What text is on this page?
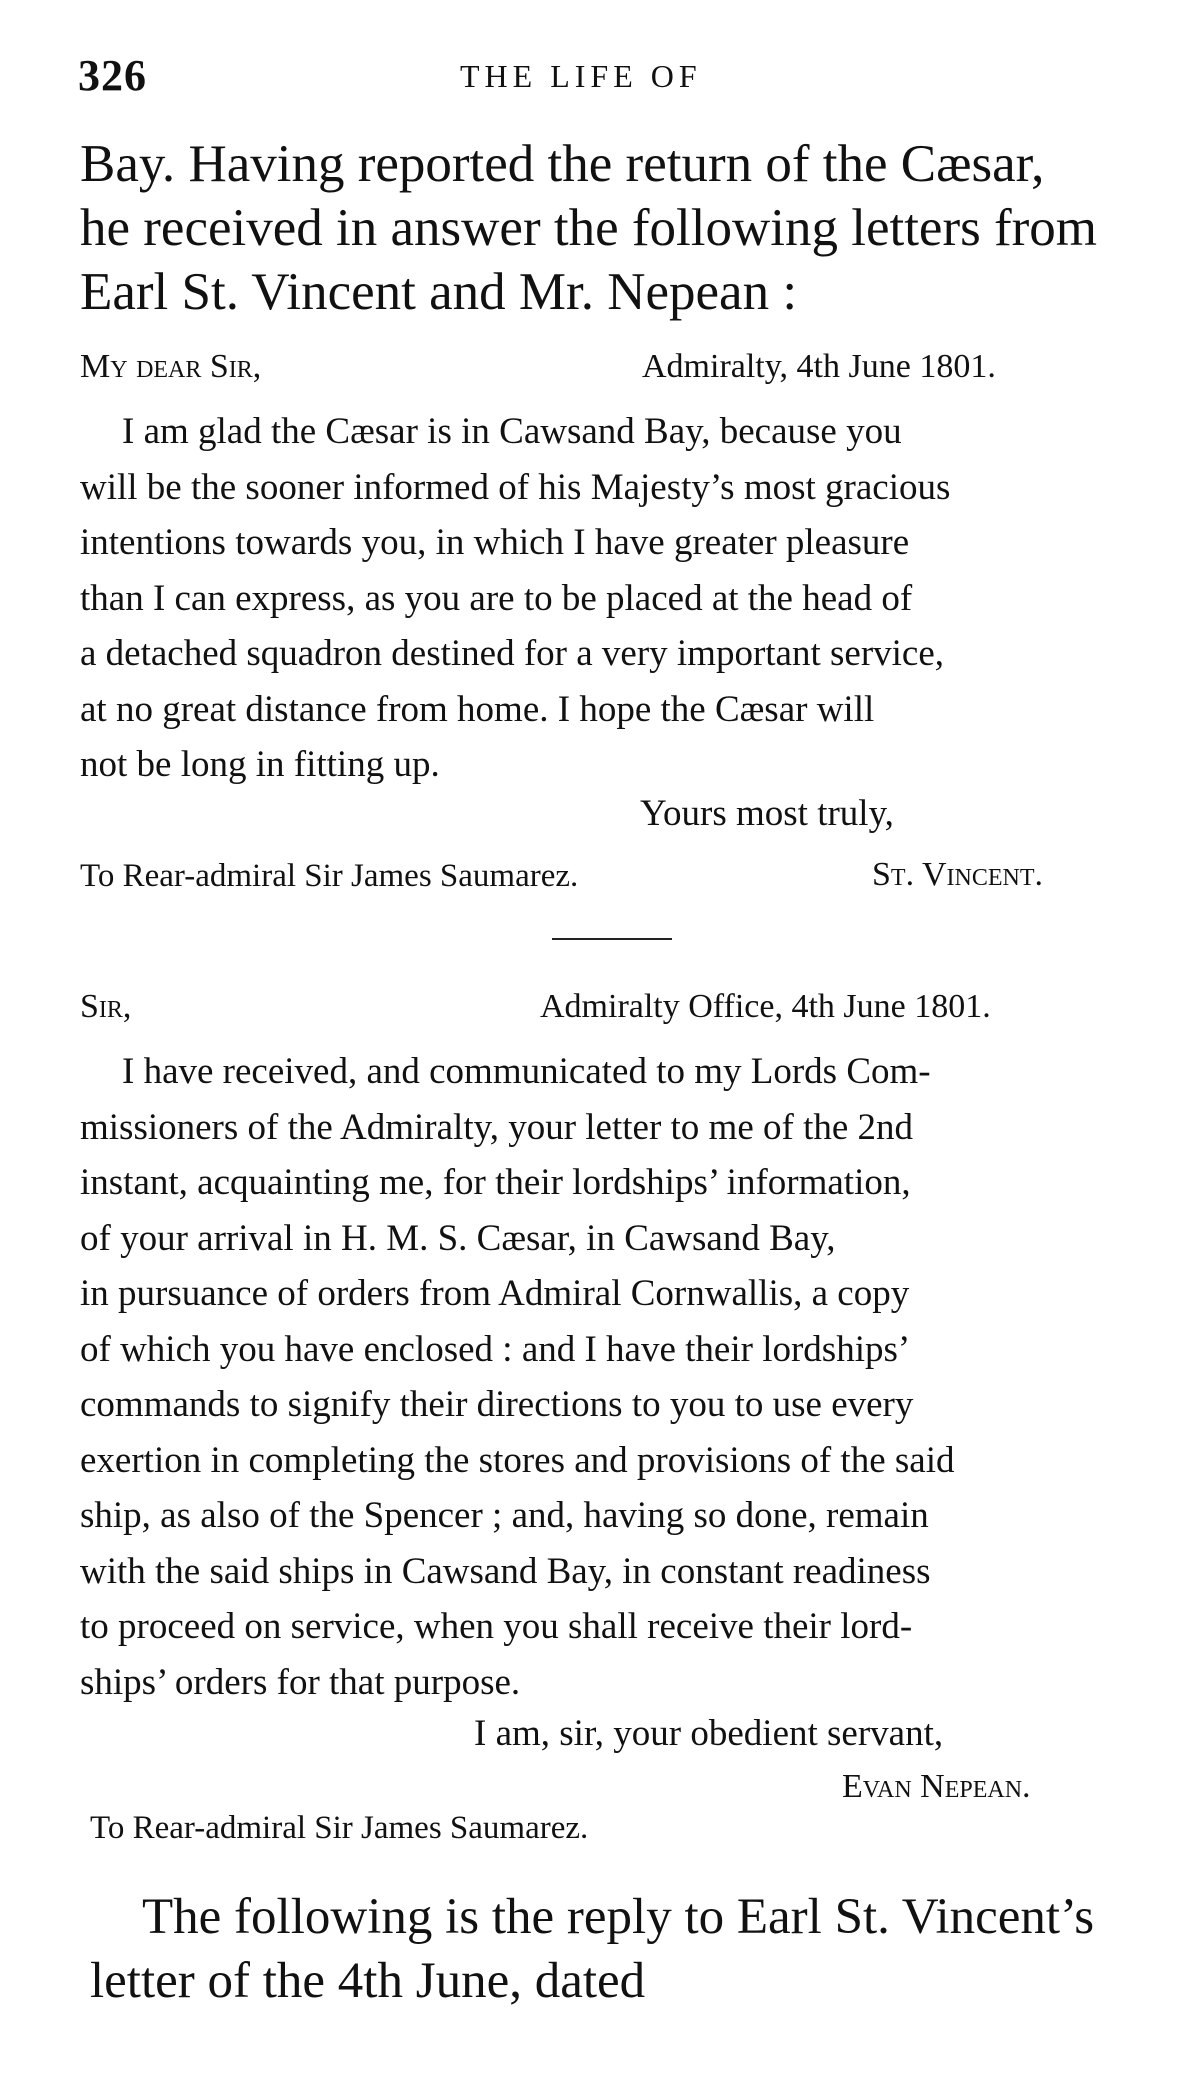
326	THE LIFE OF
Bay. Having reported the return of the Cæsar,
he received in answer the following letters from
Earl St. Vincent and Mr. Nepean :
My dear Sir,	Admiralty, 4th June 1801.
I am glad the Cæsar is in Cawsand Bay, because you
will be the sooner informed of his Majesty’s most gracious
intentions towards you, in which I have greater pleasure
than I can express, as you are to be placed at the head of
a detached squadron destined for a very important service,
at no great distance from home. I hope the Cæsar will
not be long in fitting up.
Yours most truly,
To Rear-admiral Sir James Saumarez.	St. Vincent.
Sir,	Admiralty Office, 4th June 1801.
I have received, and communicated to my Lords Com-
missioners of the Admiralty, your letter to me of the 2nd
instant, acquainting me, for their lordships’ information,
of your arrival in H. M. S. Cæsar, in Cawsand Bay,
in pursuance of orders from Admiral Cornwallis, a copy
of which you have enclosed : and I have their lordships’
commands to signify their directions to you to use every
exertion in completing the stores and provisions of the said
ship, as also of the Spencer ; and, having so done, remain
with the said ships in Cawsand Bay, in constant readiness
to proceed on service, when you shall receive their lord-
ships’ orders for that purpose.
I am, sir, your obedient servant,
Evan Nepean.
To Rear-admiral Sir James Saumarez.
The following is the reply to Earl St. Vincent’s
letter of the 4th June, dated
